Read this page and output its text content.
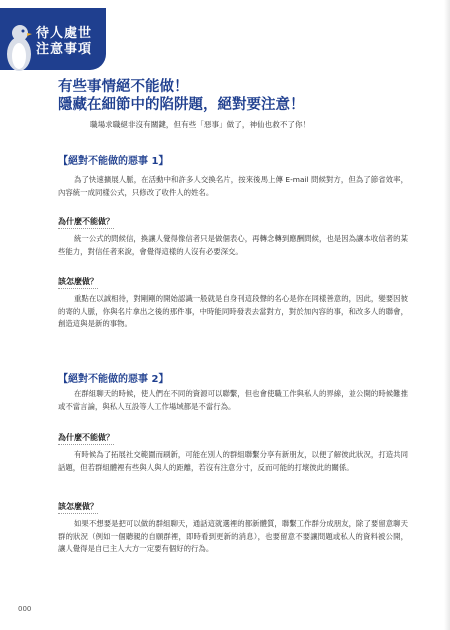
待人處世
注意事項
有些事情絕不能做！
隱藏在細節中的陷阱題，絕對要注意！

職場求職絕非沒有關鍵，但有些「惡事」做了，神仙也救不了你！

【絕對不能做的惡事 1】

為了快速擴展人脈，在活動中和許多人交換名片，按來後馬上傳 E-mail 問候對方，但為了節省效率，內容統一成同樣公式，只修改了收件人的姓名。

為什麼不能做？

統一公式的問候信，換讓人覺得像信者只是做個表心，再轉念轉到應酬問候，也是因為讓本收信者的某些能力，對信任者來說，會覺得這樣的人沒有必要深交。

該怎麼做？

重點在以誠相待，對剛剛的開始認識一般就是自身刊這段聲的名心是你在同樣善意的，因此，變要因彼的寄的人脈，你與名片拿出之後的那件事，中時能同時發表去當對方，對於加內容的事，和改多人的聯會，創造這與是新的事物。

【絕對不能做的惡事 2】

在群組聊天的時候，使人們在不同的資源可以聯繫，但也會使職工作與私人的界線，並公開的時候難推或不當言論，與私人互設等人工作場域都是不當行為。

為什麼不能做？

有時候為了拓展社交範圍而刷新，可能在別人的群組聯繫分享有新朋友，以便了解彼此狀況，打造共同話題，但若群組體裡有些與人與人的距離，若沒有注意分寸，反而可能的打壞彼此的關係。

該怎麼做？

如果不想要是把可以做的群組聊天，通話這就選裡的都新體質，聯繫工作群分成朋友，除了要留意聊天群的狀況（例如一個聽親的自願群裡，即時看到更新的消息），也要留意不要讓問題或私人的資料被公開，讓人覺得是自已主人大方一定要有個好的行為。

000
